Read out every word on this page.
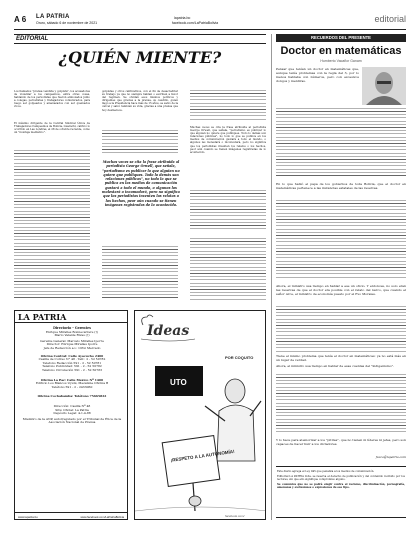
A 6 LA PATRIA
Oruro, sábado 6 de noviembre de 2021
lapatria.bo
facebook.com/LaPatriaBolivia	editorial
EDITORIAL
¿QUIÉN MIENTE?
Los llamados "prensa vendida y golpista", los acusadores de violentar a los campesinos, entre otras cosas, hablando de los periodistas que fueron embozados junto a colegas, periodistas y trabajadores comunicados, para luego ser golpeados y amenazados con ser quemados vivos.
El máximo dirigente de la Central Sindical Única de Trabajadores Campesinos de Bolivia, Guarachi, calificó lo ocurrido en Las Londras, el 28 de octubre reciente, como un "montaje mediático".
golpistas y otros calificativos, con el fin de desacreditar su trabajo ya que no siempre hablan o escriben a favor del régimen. Se olvidan esos mismos políticos y dirigentes que gracias a la prensa, su caudillo, quien llegó a la Presidencia hace más de 15 años, se salvó de la cárcel y salvó también su vida, gracias a una prensa que hoy desmerece.
Muchos veces se cita la frase atribuida al periodista George Orwell, que señala, "periodismo es publicar lo que alguien no quiere que publiques. Todo lo demás son relaciones públicas", no todo lo que se publica en los medios de comunicación gustará a todo el mundo, o algunos los molestará o incomodará, pero no significa que los periodistas inventen los relatos o los hechos, peor aún cuando se tienen imágenes registradas de lo acontecido.
Muchas veces se cita la frase atribuida al periodista George Orwell, que señala, "periodismo es publicar lo que alguien no quiere que publiques. Todo lo demás son relaciones públicas", no todo lo que se publica en los medios de comunicación gustará a todo el mundo, o algunos les molestará o incomodará, pero no significa que los periodistas inventen los relatos o los hechos, peor aún cuando se tienen imágenes registradas de lo acontecido.
RECUERDOS DEL PRESENTE
Doctor en matemáticas
Humberto Vacaflor Ganam
Pensar que tenían un doctor en matemáticas que, aunque tenía problemas con la regla del 3, por lo menos hablaba con números, pero con excesivos dongos y mentiras.
En lo que habló el papa de los gobiernos de toda Bolivia, que el doctor en matemáticas pertenece a las instancias estatales de las reservas.
Ahora, el ministro usa tiempo en hablar a ese un oficio. Y entonces, no solo eran las reservas de que el doctor era posible con el relato del narco, que cuando el señor Arce, el ministro de economía puesto por el Evo Morales.
Tiene el mismo problema que tenía el doctor en matemáticas: ya no está más en un lugar de verdad.
Ahora, el ministro usa tiempo en hablar de esas cuentas del "indigenismo".
Y lo hace para atemorizar a los "pititas", que no tienen ni líderes ni jefes, pero son capaces de hacer huir a los dictadores.
fvaca@lapatria.com
Este diario agrega el Ley 045 que penaliza a los medios de comunicación.
Editorial LA PATRIA Ltda. se reserva el derecho de publicación y del contenido recibido por los lectores, sin que ello signifique compromiso alguno.
Se comunica que no se podrá elegir contra el racismo, discriminación, pornografía, amenazas y exclusiones o expresiones de ese tipo.
LA PATRIA
Directorio - Gerentes
Enrique Miralles Bonnecarrere (†)
Mario Velaide Rivas (†)
Gerente General: Marcelo Miralles Iporre
Director: Enrique Miralles Iporre
Jefe de Redacción a.i.: Ortiz Mercado
Oficina Central: Calle Ayacucho 2400
Casilla de Correo N° 48 · Telf.: 2 - 52 50782
Telefono Redacción 591 - 2 - 52 50781
Telefono Publicidad: 591 - 2 - 52 50782
Telefono Circulación 591 - 2 - 52 50783
Oficina La Paz: Calle Mexico Nº 1400
Edificio Los Blancos Uyuni, Mezanine Oficina B
Teléfono 591 - 2 - 2433060
Oficina Cochabamba: Teléfono 75665822
Dirección: Casilla Nº 48
Sitio Oficial: La Patria
Depósito Legal: 4-1-4-88
Miembro de la ANP, autorregulado por el Tribunal de Ética de la Asociación Nacional de Prensa
www.lapatria.bo	www.facebook.com/LaPatriaBolivia
Ideas
POR COQUITO
UTO
¡RESPETO A LA AUTONOMÍA!
facebook.com/
